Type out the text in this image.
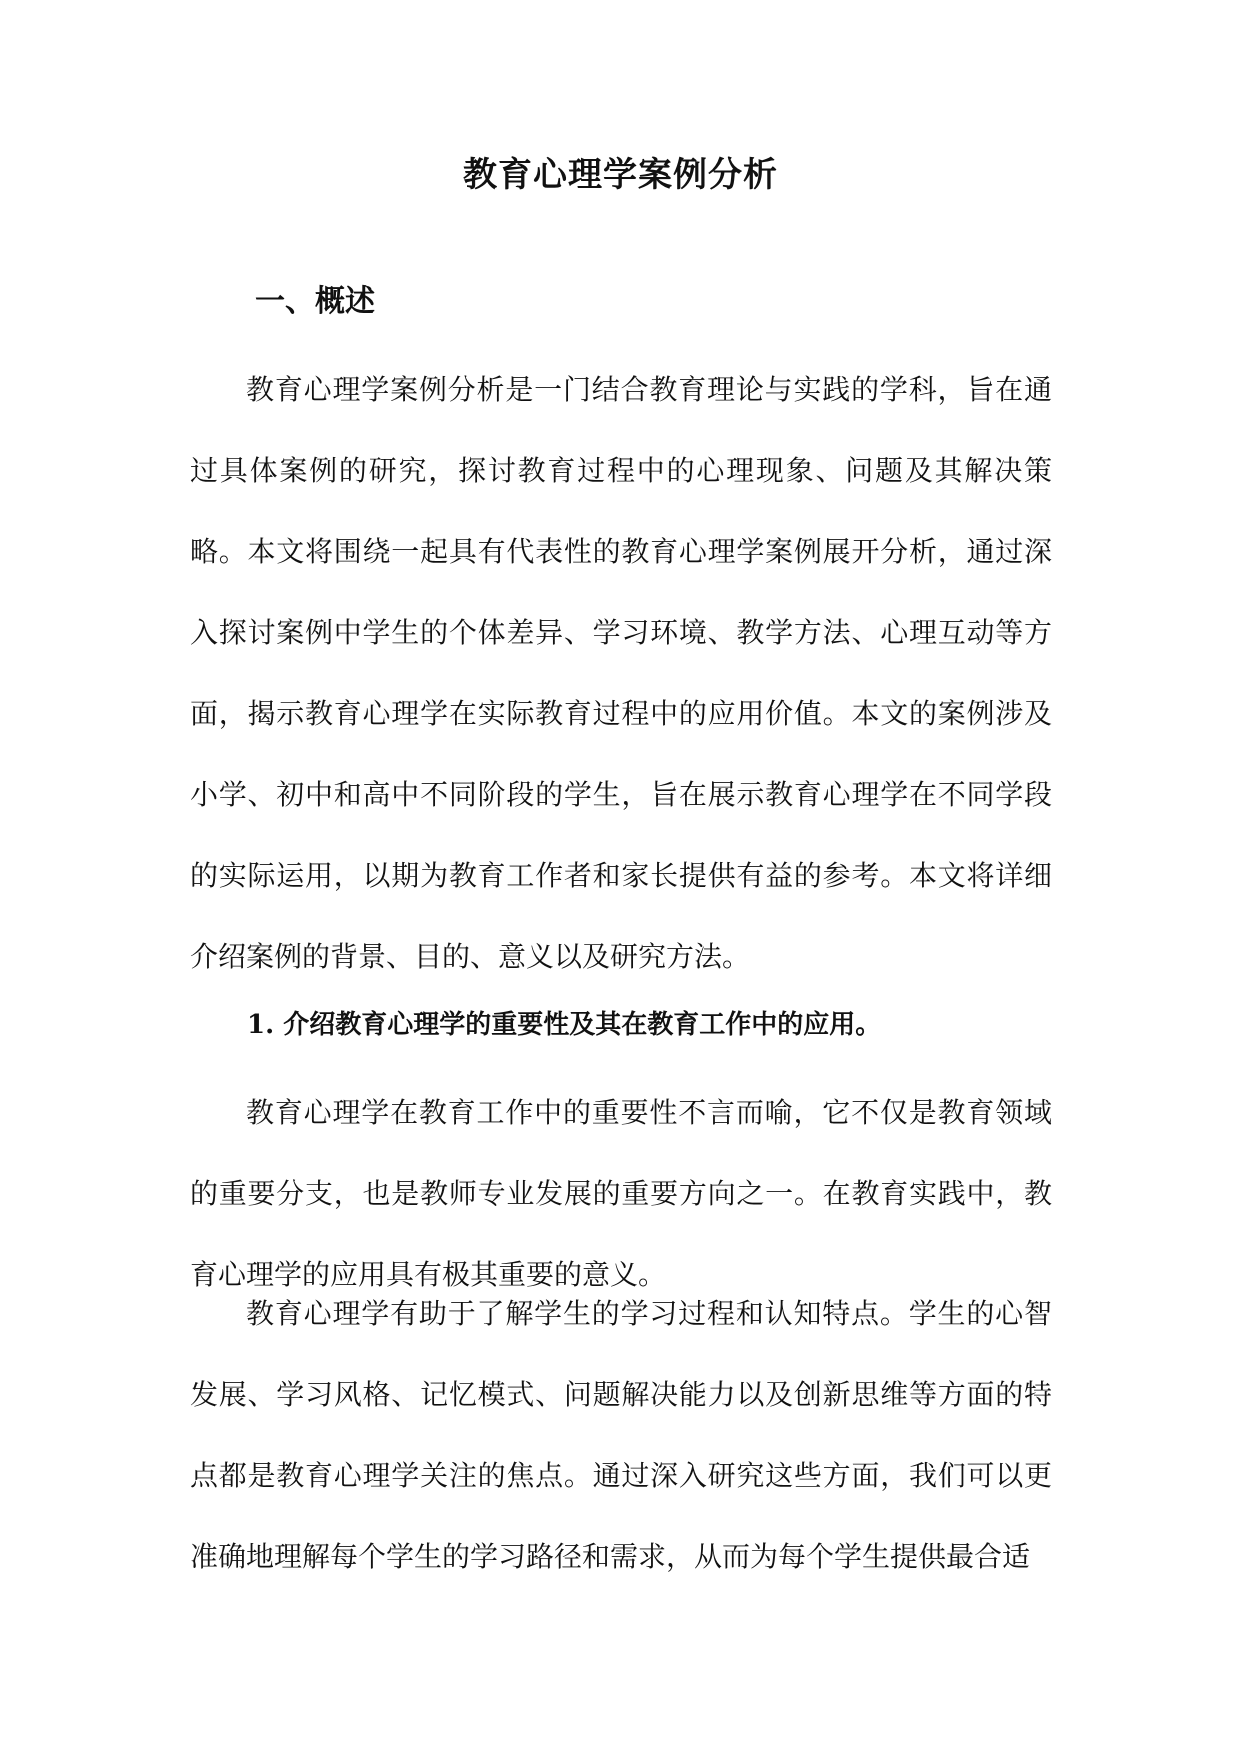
教育心理学案例分析
一、概述

教育心理学案例分析是一门结合教育理论与实践的学科，旨在通过具体案例的研究，探讨教育过程中的心理现象、问题及其解决策略。本文将围绕一起具有代表性的教育心理学案例展开分析，通过深入探讨案例中学生的个体差异、学习环境、教学方法、心理互动等方面，揭示教育心理学在实际教育过程中的应用价值。本文的案例涉及小学、初中和高中不同阶段的学生，旨在展示教育心理学在不同学段的实际运用，以期为教育工作者和家长提供有益的参考。本文将详细介绍案例的背景、目的、意义以及研究方法。

1. 介绍教育心理学的重要性及其在教育工作中的应用。

教育心理学在教育工作中的重要性不言而喻，它不仅是教育领域的重要分支，也是教师专业发展的重要方向之一。在教育实践中，教育心理学的应用具有极其重要的意义。

教育心理学有助于了解学生的学习过程和认知特点。学生的心智发展、学习风格、记忆模式、问题解决能力以及创新思维等方面的特点都是教育心理学关注的焦点。通过深入研究这些方面，我们可以更准确地理解每个学生的学习路径和需求，从而为每个学生提供最合适
